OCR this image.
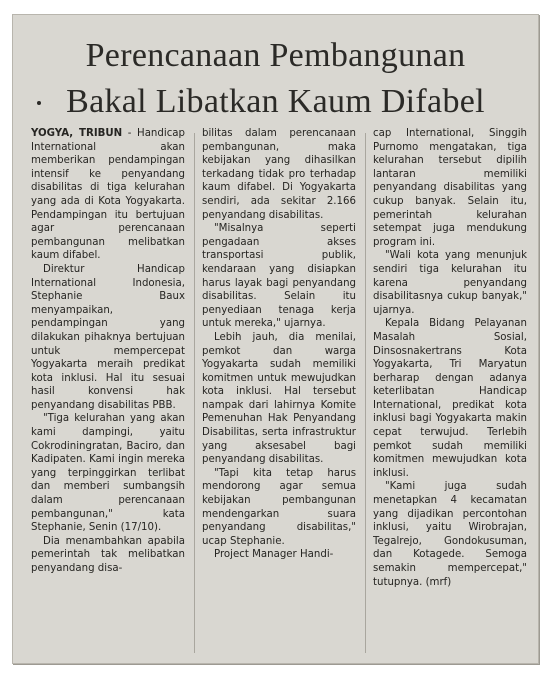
Perencanaan Pembangunan
Bakal Libatkan Kaum Difabel

YOGYA, TRIBUN - Handicap International akan memberikan pendampingan intensif ke penyandang disabilitas di tiga kelurahan yang ada di Kota Yogyakarta. Pendampingan itu bertujuan agar perencanaan pembangunan melibatkan kaum difabel.

Direktur Handicap International Indonesia, Stephanie Baux menyampaikan, pendampingan yang dilakukan pihaknya bertujuan untuk mempercepat Yogyakarta meraih predikat kota inklusi. Hal itu sesuai hasil konvensi hak penyandang disabilitas PBB.

"Tiga kelurahan yang akan kami dampingi, yaitu Cokrodiningratan, Baciro, dan Kadipaten. Kami ingin mereka yang terpinggirkan terlibat dan memberi sumbangsih dalam perencanaan pembangunan," kata Stephanie, Senin (17/10).

Dia menambahkan apabila pemerintah tak melibatkan penyandang disa-

bilitas dalam perencanaan pembangunan, maka kebijakan yang dihasilkan terkadang tidak pro terhadap kaum difabel. Di Yogyakarta sendiri, ada sekitar 2.166 penyandang disabilitas.

"Misalnya seperti pengadaan akses transportasi publik, kendaraan yang disiapkan harus layak bagi penyandang disabilitas. Selain itu penyediaan tenaga kerja untuk mereka," ujarnya.

Lebih jauh, dia menilai, pemkot dan warga Yogyakarta sudah memiliki komitmen untuk mewujudkan kota inklusi. Hal tersebut nampak dari lahirnya Komite Pemenuhan Hak Penyandang Disabilitas, serta infrastruktur yang aksesabel bagi penyandang disabilitas.

"Tapi kita tetap harus mendorong agar semua kebijakan pembangunan mendengarkan suara penyandang disabilitas," ucap Stephanie.

Project Manager Handi-

cap International, Singgih Purnomo mengatakan, tiga kelurahan tersebut dipilih lantaran memiliki penyandang disabilitas yang cukup banyak. Selain itu, pemerintah kelurahan setempat juga mendukung program ini.

"Wali kota yang menunjuk sendiri tiga kelurahan itu karena penyandang disabilitasnya cukup banyak," ujarnya.

Kepala Bidang Pelayanan Masalah Sosial, Dinsosnakertrans Kota Yogyakarta, Tri Maryatun berharap dengan adanya keterlibatan Handicap International, predikat kota inklusi bagi Yogyakarta makin cepat terwujud. Terlebih pemkot sudah memiliki komitmen mewujudkan kota inklusi.

"Kami juga sudah menetapkan 4 kecamatan yang dijadikan percontohan inklusi, yaitu Wirobrajan, Tegalrejo, Gondokusuman, dan Kotagede. Semoga semakin mempercepat," tutupnya. (mrf)
